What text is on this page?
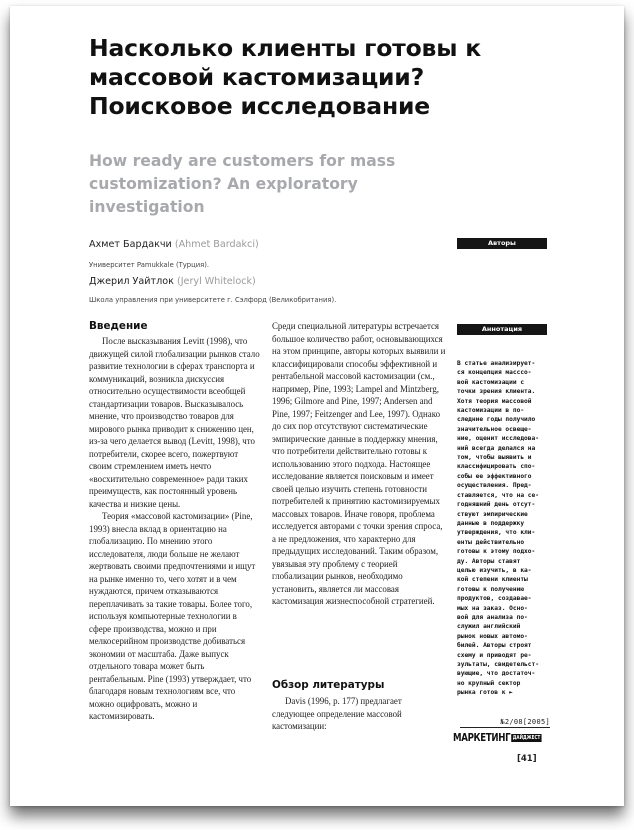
Насколько клиенты готовы к массовой кастомизации? Поисковое исследование
How ready are customers for mass customization? An exploratory investigation
Ахмет Бардакчи (Ahmet Bardakci)
Университет Pamukkale (Турция).
Джерил Уайтлок (Jeryl Whitelock)
Школа управления при университете г. Сэлфорд (Великобритания).
Авторы
Аннотация
В статье анализирует-
ся концепция масссо-
вой кастомизации с
точки зрения клиента.
Хотя теория массовой
кастомизации в по-
следние годы получило
значительное освеще-
ние, оценит исследова-
ний всегда делался на
том, чтобы выявить и
классифицировать спо-
собы ее эффективного
осуществления. Пред-
ставляется, что на се-
годняшний день отсут-
ствуют эмпирические
данные в поддержку
утверждения, что кли-
енты действительно
готовы к этому подхо-
ду. Авторы ставят
целью изучить, в ка-
кой степени клиенты
готовы к получению
продуктов, создавае-
мых на заказ. Осно-
вой для анализа по-
служил английский
рынок новых автомо-
билей. Авторы строят
схему и приводят ре-
зультаты, свидетельст-
вующие, что достаточ-
но крупный сектор
рынка готов к ►
Введение

После высказывания Levitt (1998), что движущей силой глобализации рынков стало развитие технологии в сферах транспорта и коммуникаций, возникла дискуссия относительно осуществимости всеобщей стандартизации товаров. Высказывалось мнение, что производство товаров для мирового рынка приводит к снижению цен, из-за чего делается вывод (Levitt, 1998), что потребители, скорее всего, пожертвуют своим стремлением иметь нечто «восхитительно современное» ради таких преимуществ, как постоянный уровень качества и низкие цены.

Теория «массовой кастомизации» (Pine, 1993) внесла вклад в ориентацию на глобализацию. По мнению этого исследователя, люди больше не желают жертвовать своими предпочтениями и ищут на рынке именно то, чего хотят и в чем нуждаются, причем отказываются переплачивать за такие товары. Более того, используя компьютерные технологии в сфере производства, можно и при мелкосерийном производстве добиваться экономии от масштаба. Даже выпуск отдельного товара может быть рентабельным. Pine (1993) утверждает, что благодаря новым технологиям все, что можно оцифровать, можно и кастомизировать.

Среди специальной литературы встречается большое количество работ, основывающихся на этом принципе, авторы которых выявили и классифицировали способы эффективной и рентабельной массовой кастомизации (см., например, Pine, 1993; Lampel and Mintzberg, 1996; Gilmore and Pine, 1997; Andersen and Pine, 1997; Feitzenger and Lee, 1997). Однако до сих пор отсутствуют систематические эмпирические данные в поддержку мнения, что потребители действительно готовы к использованию этого подхода. Настоящее исследование является поисковым и имеет своей целью изучить степень готовности потребителей к принятию кастомизируемых массовых товаров. Иначе говоря, проблема исследуется авторами с точки зрения спроса, а не предложения, что характерно для предыдущих исследований. Таким образом, увязывая эту проблему с теорией глобализации рынков, необходимо установить, является ли массовая кастомизация жизнеспособной стратегией.

Обзор литературы

Davis (1996, p. 177) предлагает следующее определение массовой кастомизации:	№2/08[2005]
МАРКЕТИНГ ДАЙДЖЕСТ
[41]
